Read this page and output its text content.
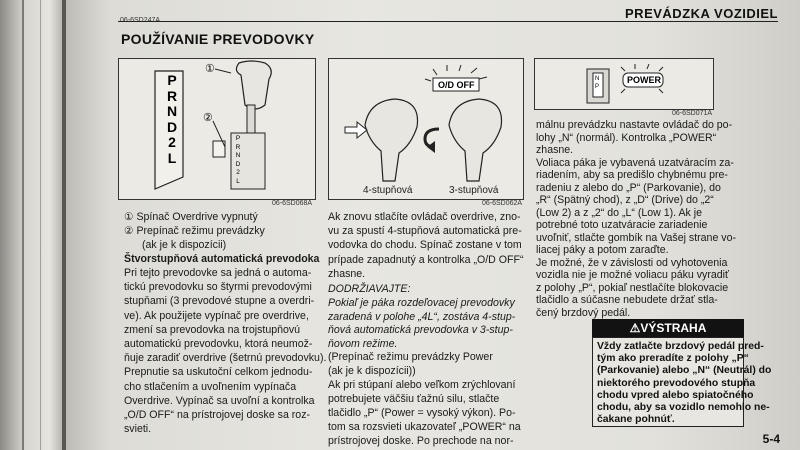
PREVÁDZKA VOZIDIEL
POUŽÍVANIE PREVODOVKY
P
R
N
D
2
L
P
R
N
D
2
L
①
②
06-6SD068A
O/D OFF
4-stupňová	3-stupňová
06-6SD062A
N
P
POWER
06-6SD071A
① Spínač Overdrive vypnutý
② Prepínač režimu prevádzky
(ak je k dispozícii)
Štvorstupňová automatická prevodoka
Pri tejto prevodovke sa jedná o automa-
tickú prevodovku so štyrmi prevodovými
stupňami (3 prevodové stupne a overdri-
ve). Ak použijete vypínač pre overdrive,
zmení sa prevodovka na trojstupňovú
automatickú prevodovku, ktorá neumož-
ňuje zaradiť overdrive (šetrnú prevodovku).
Prepnutie sa uskutoční celkom jednodu-
cho stlačením a uvoľnením vypínača
Overdrive. Vypínač sa uvoľní a kontrolka
„O/D OFF“ na prístrojovej doske sa roz-
svieti.
Ak znovu stlačíte ovládač overdrive, zno-
vu za spustí 4-stupňová automatická pre-
vodovka do chodu. Spínač zostane v tom
prípade zapadnutý a kontrolka „O/D OFF“
zhasne.
DODRŽIAVAJTE:
Pokiaľ je páka rozdeľovacej prevodovky
zaradená v polohe „4L“, zostáva 4-stup-
ňová automatická prevodovka v 3-stup-
ňovom režime.
(Prepínač režimu prevádzky Power
(ak je k dispozícii))
Ak pri stúpaní alebo veľkom zrýchlovaní
potrebujete väčšiu ťažnú silu, stlačte
tlačidlo „P“ (Power = vysoký výkon). Po-
tom sa rozsvieti ukazovateľ „POWER“ na
prístrojovej doske. Po prechode na nor-
málnu prevádzku nastavte ovládač do po-
lohy „N“ (normál). Kontrolka „POWER“
zhasne.
Voliaca páka je vybavená uzatváracím za-
riadením, aby sa predišlo chybnému pre-
radeniu z alebo do „P“ (Parkovanie), do
„R“ (Spätný chod), z „D“ (Drive) do „2“
(Low 2) a z „2“ do „L“ (Low 1). Ak je
potrebné toto uzatváracie zariadenie
uvoľniť, stlačte gombík na Vašej strane vo-
liacej páky a potom zaraďte.
Je možné, že v závislosti od vyhotovenia
vozidla nie je možné voliacu páku vyradiť
z polohy „P“, pokiaľ nestlačíte blokovacie
tlačidlo a súčasne nebudete držať stla-
čený brzdový pedál.
⚠VÝSTRAHA
Vždy zatlačte brzdový pedál pred-
tým ako preradíte z polohy „P“
(Parkovanie) alebo „N“ (Neutrál) do
niektorého prevodového stupňa
chodu vpred alebo spiatočného
chodu, aby sa vozidlo nemohlo ne-
čakane pohnúť.
5-4
